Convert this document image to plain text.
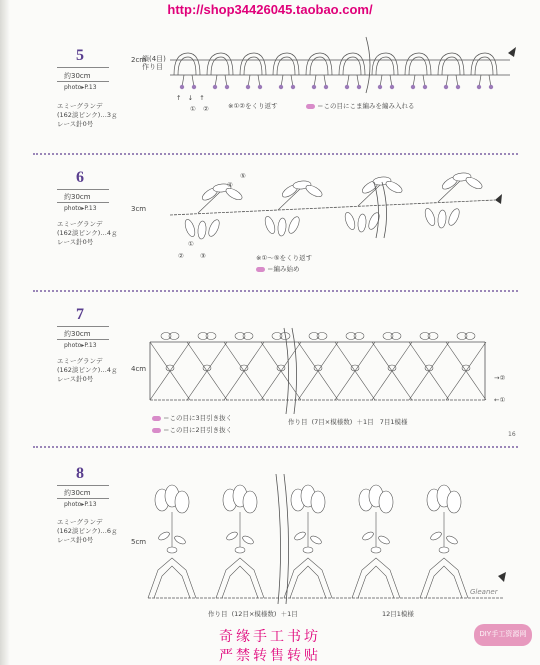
http://shop34426045.taobao.com/
5
約30cm
photo▸P.13
エミーグランデ
(162淡ピンク)…3ｇ
レース針0号
2cm
鎖(4目)作り目
↑   ↓   ↑
① ②	※①②をくり返す	＝この目にこま編みを編み入れる
6
約30cm
photo▸P.13
エミーグランデ
(162淡ピンク)…4ｇ
レース針0号
3cm
⑤
④
③
②
①
※①〜⑤をくり返す
＝編み始め
7
約30cm
photo▸P.13
エミーグランデ
(162淡ピンク)…4ｇ
レース針0号
4cm
→②
←①
＝この目に3目引き抜く
＝この目に2目引き抜く
作り目 (7目×模様数) ＋1目 7目1模様
16
8
約30cm
photo▸P.13
エミーグランデ
(162淡ピンク)…6ｇ
レース針0号	5cm
作り目 (12目×模様数) ＋1目	12目1模様
Gleaner
DIY手工资源网
奇缘手工书坊
严禁转售转贴
